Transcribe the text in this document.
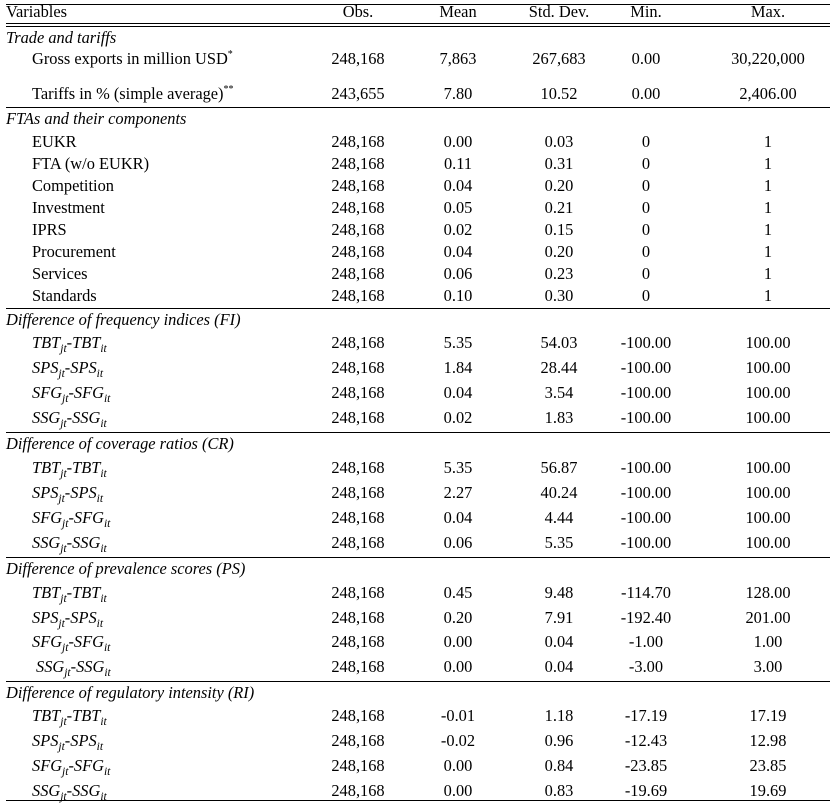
Variables	Obs.	Mean	Std. Dev.	Min.	Max.
Trade and tariffs
Gross exports in million USD*	248,168	7,863	267,683	0.00	30,220,000
Tariffs in % (simple average)**	243,655	7.80	10.52	0.00	2,406.00
FTAs and their components
EUKR	248,168	0.00	0.03	0	1
FTA (w/o EUKR)	248,168	0.11	0.31	0	1
Competition	248,168	0.04	0.20	0	1
Investment	248,168	0.05	0.21	0	1
IPRS	248,168	0.02	0.15	0	1
Procurement	248,168	0.04	0.20	0	1
Services	248,168	0.06	0.23	0	1
Standards	248,168	0.10	0.30	0	1
Difference of frequency indices (FI)
$TBT_{jt}-TBT_{it}$	248,168	5.35	54.03	-100.00	100.00
$SPS_{jt}-SPS_{it}$	248,168	1.84	28.44	-100.00	100.00
$SFG_{jt}-SFG_{it}$	248,168	0.04	3.54	-100.00	100.00
$SSG_{jt}-SSG_{it}$	248,168	0.02	1.83	-100.00	100.00
Difference of coverage ratios (CR)
$TBT_{jt}-TBT_{it}$	248,168	5.35	56.87	-100.00	100.00
$SPS_{jt}-SPS_{it}$	248,168	2.27	40.24	-100.00	100.00
$SFG_{jt}-SFG_{it}$	248,168	0.04	4.44	-100.00	100.00
$SSG_{jt}-SSG_{it}$	248,168	0.06	5.35	-100.00	100.00
Difference of prevalence scores (PS)
$TBT_{jt}-TBT_{it}$	248,168	0.45	9.48	-114.70	128.00
$SPS_{jt}-SPS_{it}$	248,168	0.20	7.91	-192.40	201.00
$SFG_{jt}-SFG_{it}$	248,168	0.00	0.04	-1.00	1.00
$SSG_{jt}-SSG_{it}$	248,168	0.00	0.04	-3.00	3.00
Difference of regulatory intensity (RI)
$TBT_{jt}-TBT_{it}$	248,168	-0.01	1.18	-17.19	17.19
$SPS_{jt}-SPS_{it}$	248,168	-0.02	0.96	-12.43	12.98
$SFG_{jt}-SFG_{it}$	248,168	0.00	0.84	-23.85	23.85
$SSG_{jt}-SSG_{it}$	248,168	0.00	0.83	-19.69	19.69
